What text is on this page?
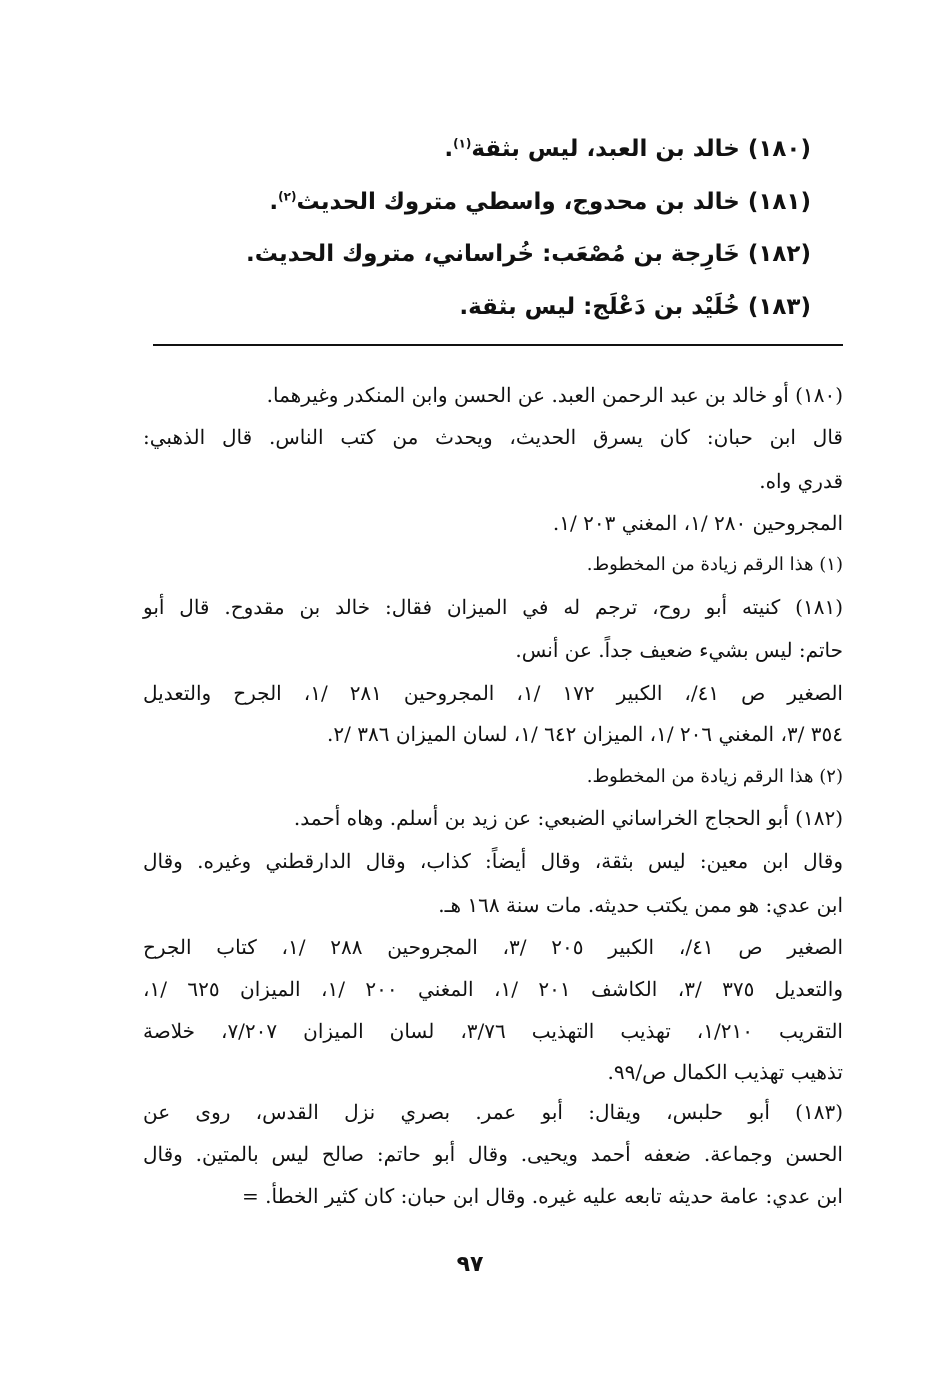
(١٨٠) خالد بن العبد، ليس بثقة$^{(١)}$.
(١٨١) خالد بن محدوج، واسطي متروك الحديث$^{(٢)}$.
(١٨٢) خَارِجة بن مُصْعَب: خُراساني، متروك الحديث.
(١٨٣) خُلَيْد بن دَعْلَج: ليس بثقة.
(١٨٠) أو خالد بن عبد الرحمن العبد. عن الحسن وابن المنكدر وغيرهما.
قال ابن حبان: كان يسرق الحديث، ويحدث من كتب الناس. قال الذهبي:
قدري واه.
المجروحين ٢٨٠ /١، المغني ٢٠٣ /١.
(١) هذا الرقم زيادة من المخطوط.
(١٨١) كنيته أبو روح، ترجم له في الميزان فقال: خالد بن مقدوح. قال أبو
حاتم: ليس بشيء ضعيف جداً. عن أنس.
الصغير ص ٤١/، الكبير ١٧٢ /١، المجروحين ٢٨١ /١، الجرح والتعديل
٣٥٤ /٣، المغني ٢٠٦ /١، الميزان ٦٤٢ /١، لسان الميزان ٣٨٦ /٢.
(٢) هذا الرقم زيادة من المخطوط.
(١٨٢) أبو الحجاج الخراساني الضبعي: عن زيد بن أسلم. وهاه أحمد.
وقال ابن معين: ليس بثقة، وقال أيضاً: كذاب، وقال الدارقطني وغيره. وقال
ابن عدي: هو ممن يكتب حديثه. مات سنة ١٦٨ هـ.
الصغير ص ٤١/، الكبير ٢٠٥ /٣، المجروحين ٢٨٨ /١، كتاب الجرح
والتعديل ٣٧٥ /٣، الكاشف ٢٠١ /١، المغني ٢٠٠ /١، الميزان ٦٢٥ /١،
التقريب ١/٢١٠، تهذيب التهذيب ٣/٧٦، لسان الميزان ٧/٢٠٧، خلاصة
تذهيب تهذيب الكمال ص/٩٩.
(١٨٣) أبو حلبس، ويقال: أبو عمر. بصري نزل القدس، روى عن
الحسن وجماعة. ضعفه أحمد ويحيى. وقال أبو حاتم: صالح ليس بالمتين. وقال
ابن عدي: عامة حديثه تابعه عليه غيره. وقال ابن حبان: كان كثير الخطأ. =
٩٧
